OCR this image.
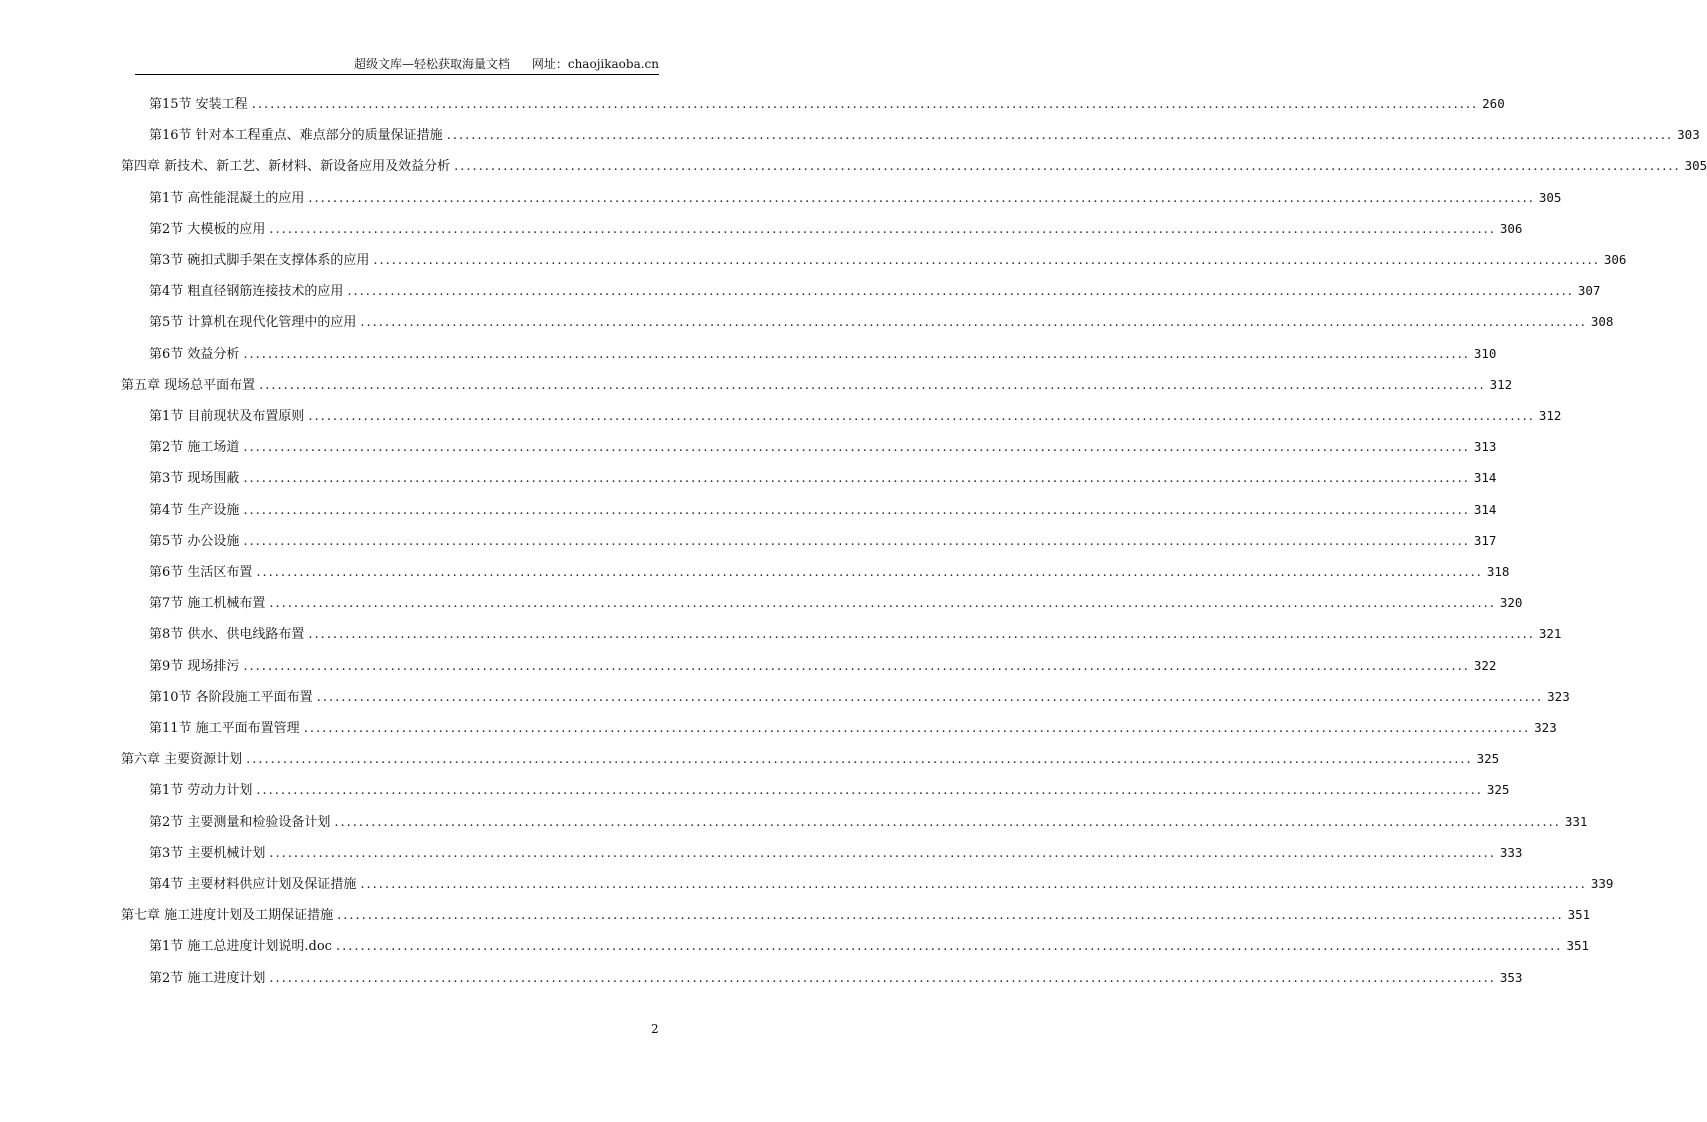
超级文库—轻松获取海量文档 网址：chaojikaoba.cn
第15节 安装工程 ........................................................................................................................................................................................................ 260
第16节 针对本工程重点、难点部分的质量保证措施 ........................................................................................................................................................................................................ 303
第四章 新技术、新工艺、新材料、新设备应用及效益分析 ........................................................................................................................................................................................................ 305
第1节 高性能混凝土的应用 ........................................................................................................................................................................................................ 305
第2节 大模板的应用 ........................................................................................................................................................................................................ 306
第3节 碗扣式脚手架在支撑体系的应用 ........................................................................................................................................................................................................ 306
第4节 粗直径钢筋连接技术的应用 ........................................................................................................................................................................................................ 307
第5节 计算机在现代化管理中的应用 ........................................................................................................................................................................................................ 308
第6节 效益分析 ........................................................................................................................................................................................................ 310
第五章 现场总平面布置 ........................................................................................................................................................................................................ 312
第1节 目前现状及布置原则 ........................................................................................................................................................................................................ 312
第2节 施工场道 ........................................................................................................................................................................................................ 313
第3节 现场围蔽 ........................................................................................................................................................................................................ 314
第4节 生产设施 ........................................................................................................................................................................................................ 314
第5节 办公设施 ........................................................................................................................................................................................................ 317
第6节 生活区布置 ........................................................................................................................................................................................................ 318
第7节 施工机械布置 ........................................................................................................................................................................................................ 320
第8节 供水、供电线路布置 ........................................................................................................................................................................................................ 321
第9节 现场排污 ........................................................................................................................................................................................................ 322
第10节 各阶段施工平面布置 ........................................................................................................................................................................................................ 323
第11节 施工平面布置管理 ........................................................................................................................................................................................................ 323
第六章 主要资源计划 ........................................................................................................................................................................................................ 325
第1节 劳动力计划 ........................................................................................................................................................................................................ 325
第2节 主要测量和检验设备计划 ........................................................................................................................................................................................................ 331
第3节 主要机械计划 ........................................................................................................................................................................................................ 333
第4节 主要材料供应计划及保证措施 ........................................................................................................................................................................................................ 339
第七章 施工进度计划及工期保证措施 ........................................................................................................................................................................................................ 351
第1节 施工总进度计划说明.doc ........................................................................................................................................................................................................ 351
第2节 施工进度计划 ........................................................................................................................................................................................................ 353
2
